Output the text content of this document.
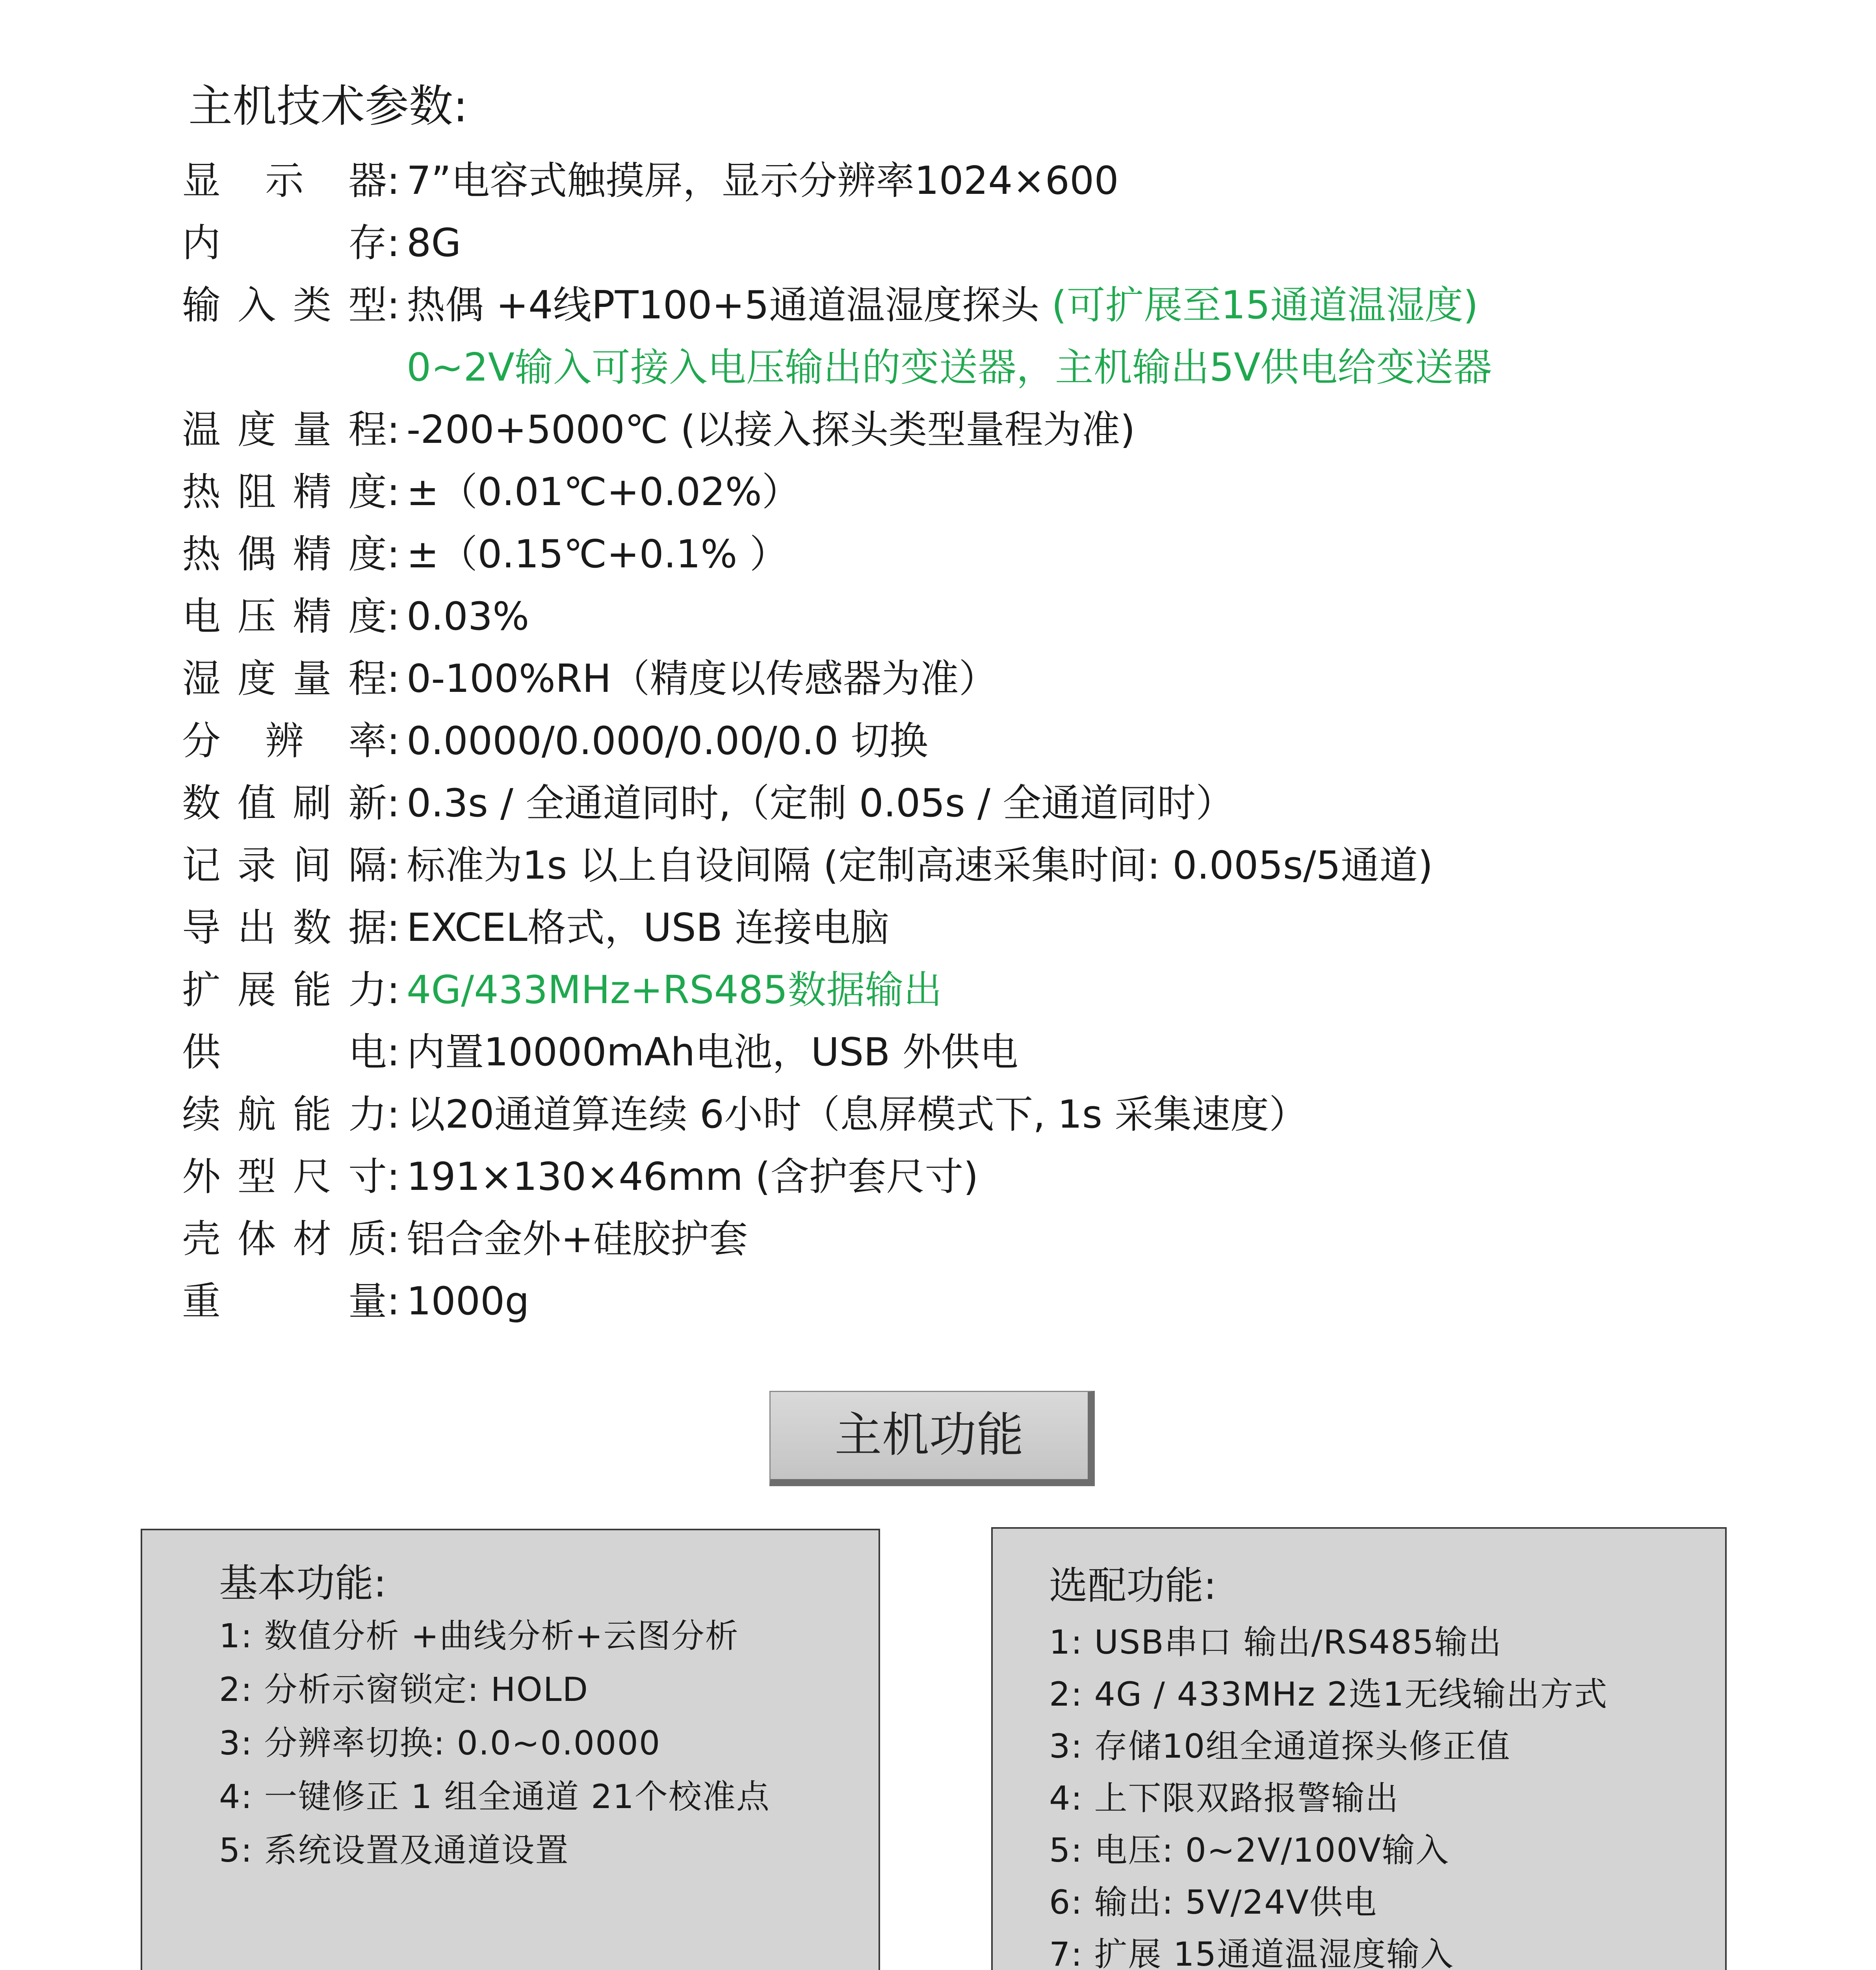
主机技术参数:
显示器 : 7”电容式触摸屏，显示分辨率1024×600
内存 : 8G
输入类型 : 热偶 +4线PT100+5通道温湿度探头
(可扩展至15通道温湿度)
0~2V输入可接入电压输出的变送器，主机输出5V供电给变送器
温度量程 : -200+5000℃ (以接入探头类型量程为准)
热阻精度 : ±（0.01℃+0.02%）
热偶精度 : ±（0.15℃+0.1% ）
电压精度 : 0.03%
湿度量程 : 0-100%RH（精度以传感器为准）
分辨率 : 0.0000/0.000/0.00/0.0 切换
数值刷新 : 0.3s / 全通道同时,（定制 0.05s / 全通道同时）
记录间隔 : 标准为1s 以上自设间隔 (定制高速采集时间: 0.005s/5通道)
导出数据 : EXCEL格式，USB 连接电脑
扩展能力 : 4G/433MHz+RS485数据输出
供电 : 内置10000mAh电池，USB 外供电
续航能力 : 以20通道算连续 6小时（息屏模式下, 1s 采集速度）
外型尺寸 : 191×130×46mm (含护套尺寸)
壳体材质 : 铝合金外+硅胶护套
重量 : 1000g
主机功能
基本功能:
1: 数值分析 +曲线分析+云图分析
2: 分析示窗锁定: HOLD
3: 分辨率切换: 0.0~0.0000
4: 一键修正 1 组全通道 21个校准点
5: 系统设置及通道设置
选配功能:
1: USB串口 输出/RS485输出
2: 4G / 433MHz 2选1无线输出方式
3: 存储10组全通道探头修正值
4: 上下限双路报警输出
5: 电压: 0~2V/100V输入
6: 输出: 5V/24V供电
7: 扩展 15通道温湿度输入
